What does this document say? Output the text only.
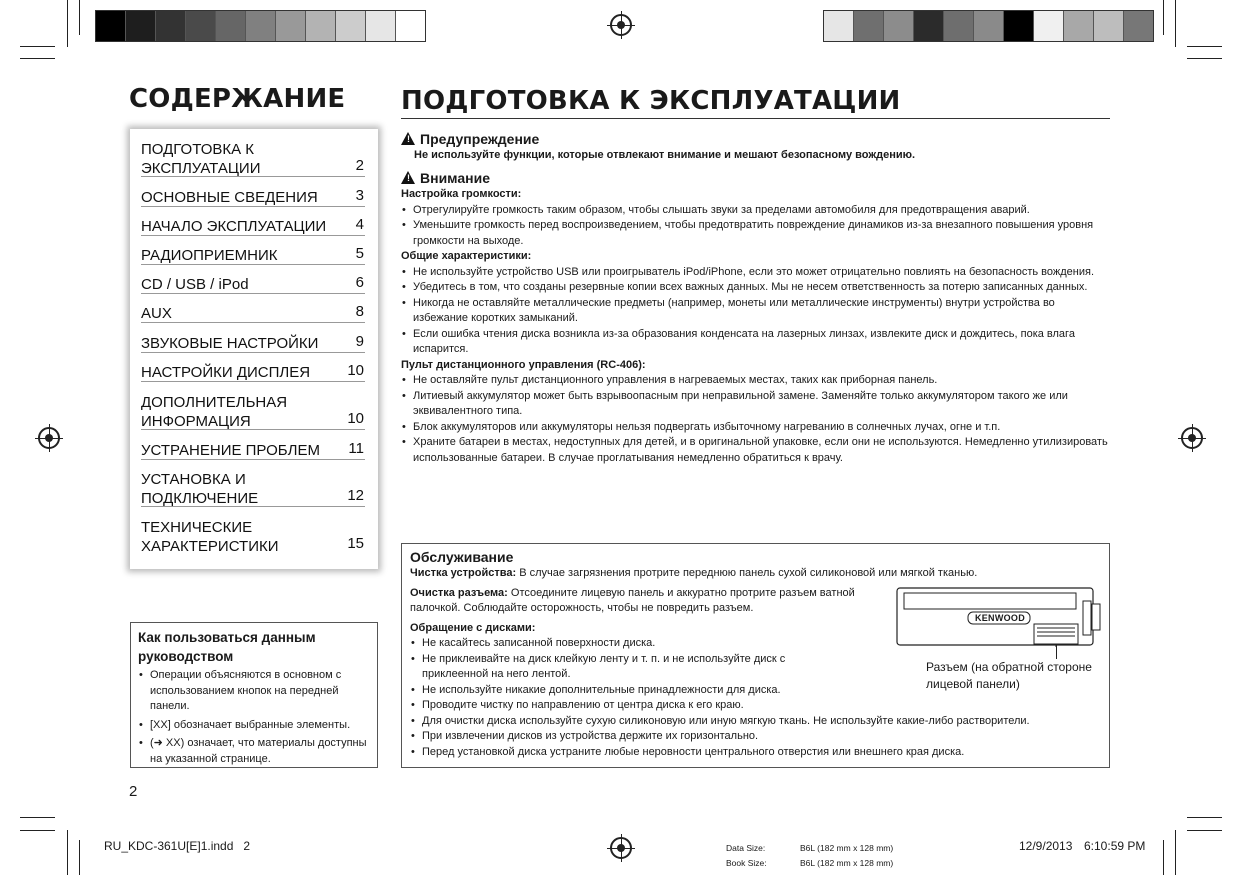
СОДЕРЖАНИЕ ПОДГОТОВКА К ЭКСПЛУАТАЦИИ
ПОДГОТОВКА К ЭКСПЛУАТАЦИИ	2
ОСНОВНЫЕ СВЕДЕНИЯ	3
НАЧАЛО ЭКСПЛУАТАЦИИ	4
РАДИОПРИЕМНИК	5
CD / USB / iPod	6
AUX	8
ЗВУКОВЫЕ НАСТРОЙКИ	9
НАСТРОЙКИ ДИСПЛЕЯ	10
ДОПОЛНИТЕЛЬНАЯ ИНФОРМАЦИЯ	10
УСТРАНЕНИЕ ПРОБЛЕМ	11
УСТАНОВКА И ПОДКЛЮЧЕНИЕ	12
ТЕХНИЧЕСКИЕ ХАРАКТЕРИСТИКИ	15
Как пользоваться данным руководством
• Операции объясняются в основном с использованием кнопок на передней панели.
• [XX] обозначает выбранные элементы.
• (➜ XX) означает, что материалы доступны на указанной странице.
! Предупреждение
Не используйте функции, которые отвлекают внимание и мешают безопасному вождению.
! Внимание
Настройка громкости:
• Отрегулируйте громкость таким образом, чтобы слышать звуки за пределами автомобиля для предотвращения аварий.
• Уменьшите громкость перед воспроизведением, чтобы предотвратить повреждение динамиков из-за внезапного повышения уровня громкости на выходе.
Общие характеристики:
• Не используйте устройство USB или проигрыватель iPod/iPhone, если это может отрицательно повлиять на безопасность вождения.
• Убедитесь в том, что созданы резервные копии всех важных данных. Мы не несем ответственность за потерю записанных данных.
• Никогда не оставляйте металлические предметы (например, монеты или металлические инструменты) внутри устройства во избежание коротких замыканий.
• Если ошибка чтения диска возникла из-за образования конденсата на лазерных линзах, извлеките диск и дождитесь, пока влага испарится.
Пульт дистанционного управления (RC-406):
• Не оставляйте пульт дистанционного управления в нагреваемых местах, таких как приборная панель.
• Литиевый аккумулятор может быть взрывоопасным при неправильной замене. Заменяйте только аккумулятором такого же или эквивалентного типа.
• Блок аккумуляторов или аккумуляторы нельзя подвергать избыточному нагреванию в солнечных лучах, огне и т.п.
• Храните батареи в местах, недоступных для детей, и в оригинальной упаковке, если они не используются. Немедленно утилизировать использованные батареи. В случае проглатывания немедленно обратиться к врачу.
Обслуживание
Чистка устройства: В случае загрязнения протрите переднюю панель сухой силиконовой или мягкой тканью.
Очистка разъема: Отсоедините лицевую панель и аккуратно протрите разъем ватной палочкой. Соблюдайте осторожность, чтобы не повредить разъем.
Обращение с дисками:
• Не касайтесь записанной поверхности диска.
• Не приклеивайте на диск клейкую ленту и т. п. и не используйте диск с приклеенной на него лентой.
• Не используйте никакие дополнительные принадлежности для диска.
• Проводите чистку по направлению от центра диска к его краю.
• Для очистки диска используйте сухую силиконовую или иную мягкую ткань. Не используйте какие-либо растворители.
• При извлечении дисков из устройства держите их горизонтально.
• Перед установкой диска устраните любые неровности центрального отверстия или внешнего края диска.
KENWOOD
Разъем (на обратной стороне лицевой панели)
2
RU_KDC-361U[E]1.indd   2	Data Size:	B6L (182 mm x 128 mm)
Book Size:	B6L (182 mm x 128 mm)
12/9/2013 6:10:59 PM
